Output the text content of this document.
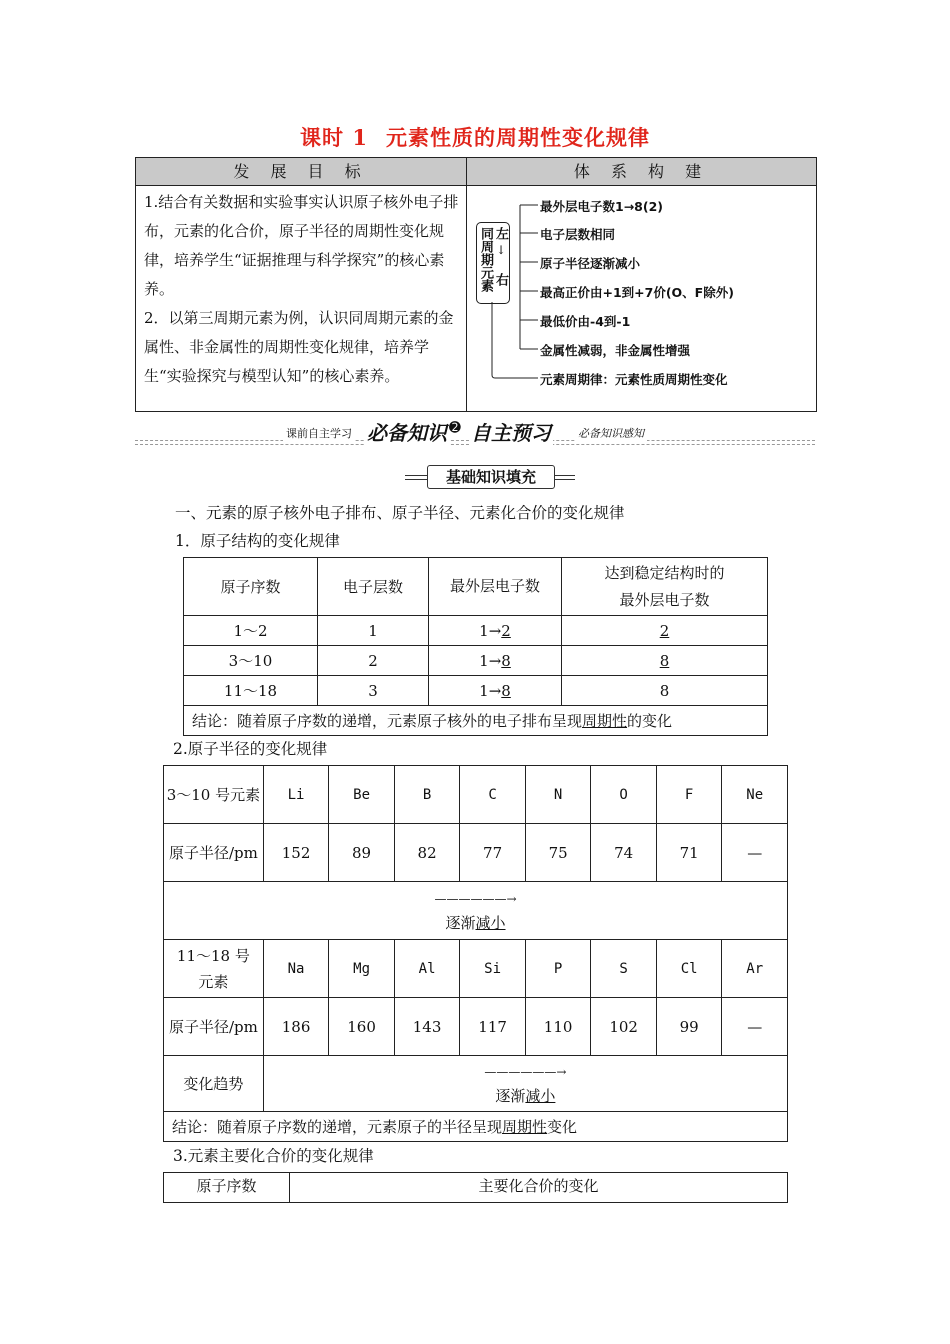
课时 1 元素性质的周期性变化规律
发 展 目 标	体 系 构 建
1.结合有关数据和实验事实认识原子核外电子排布，元素的化合价，原子半径的周期性变化规律，培养学生“证据推理与科学探究”的核心素养。
2．以第三周期元素为例，认识同周期元素的金属性、非金属性的周期性变化规律，培养学生“实验探究与模型认知”的核心素养。
同周期元素 左
↓
右
最外层电子数1→8(2)
电子层数相同
原子半径逐渐减小
最高正价由+1到+7价(O、F除外)
最低价由-4到-1
金属性减弱，非金属性增强
元素周期律：元素性质周期性变化
课前自主学习 必备知识 ➋ 自主预习 必备知识感知
基础知识填充
一、元素的原子核外电子排布、原子半径、元素化合价的变化规律
1．原子结构的变化规律
原子序数	电子层数	最外层电子数	达到稳定结构时的最外层电子数
1～2	1	1→2	2
3～10	2	1→8	8
11～18	3	1→8	8
结论：随着原子序数的递增，元素原子核外的电子排布呈现周期性的变化			
2.原子半径的变化规律
3～10 号元素	Li	Be	B	C	N	O	F	Ne
原子半径/pm	152	89	82	77	75	74	71	—

——————→
逐渐减小								

11～18 号元素	Na	Mg	Al	Si	P	S	Cl	Ar
原子半径/pm	186	160	143	117	110	102	99	—
变化趋势	——————→
逐渐减小							

结论：随着原子序数的递增，元素原子的半径呈现周期性变化								
3.元素主要化合价的变化规律
原子序数	主要化合价的变化
